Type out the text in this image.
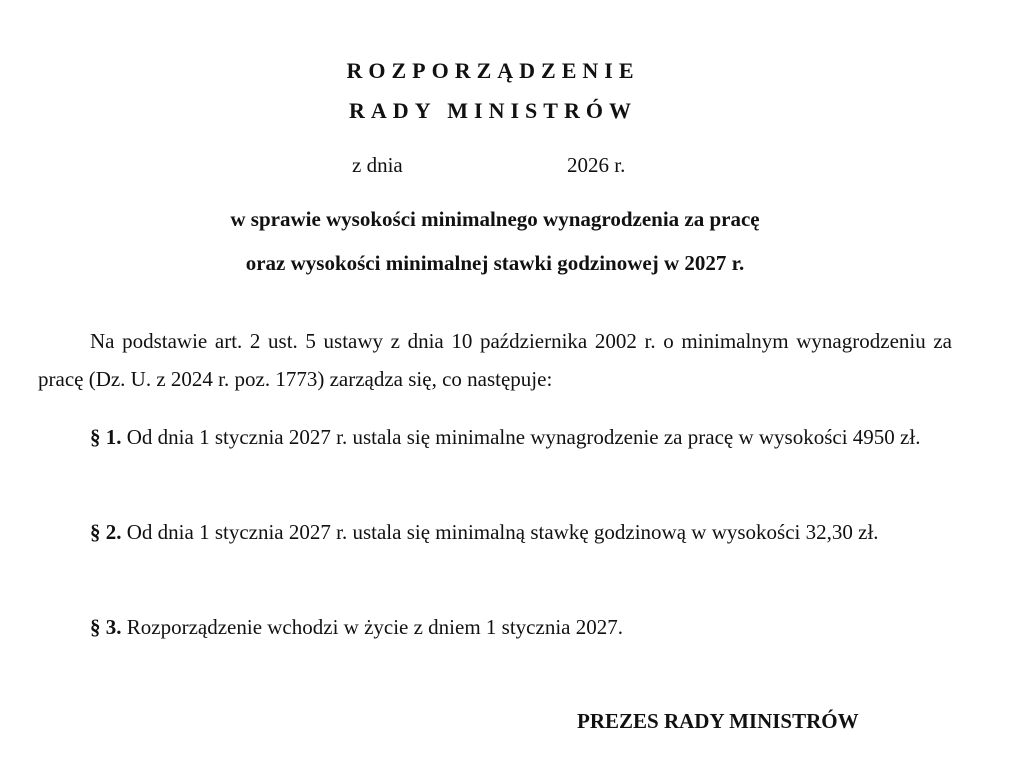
ROZPORZĄDZENIE
RADY MINISTRÓW
z dnia	2026 r.
w sprawie wysokości minimalnego wynagrodzenia za pracę
oraz wysokości minimalnej stawki godzinowej w 2027 r.
Na podstawie art. 2 ust. 5 ustawy z dnia 10 października 2002 r. o minimalnym wynagrodzeniu za pracę (Dz. U. z 2024 r. poz. 1773) zarządza się, co następuje:
§ 1. Od dnia 1 stycznia 2027 r. ustala się minimalne wynagrodzenie za pracę w wysokości 4950 zł.
§ 2. Od dnia 1 stycznia 2027 r. ustala się minimalną stawkę godzinową w wysokości 32,30 zł.
§ 3. Rozporządzenie wchodzi w życie z dniem 1 stycznia 2027.
PREZES RADY MINISTRÓW
